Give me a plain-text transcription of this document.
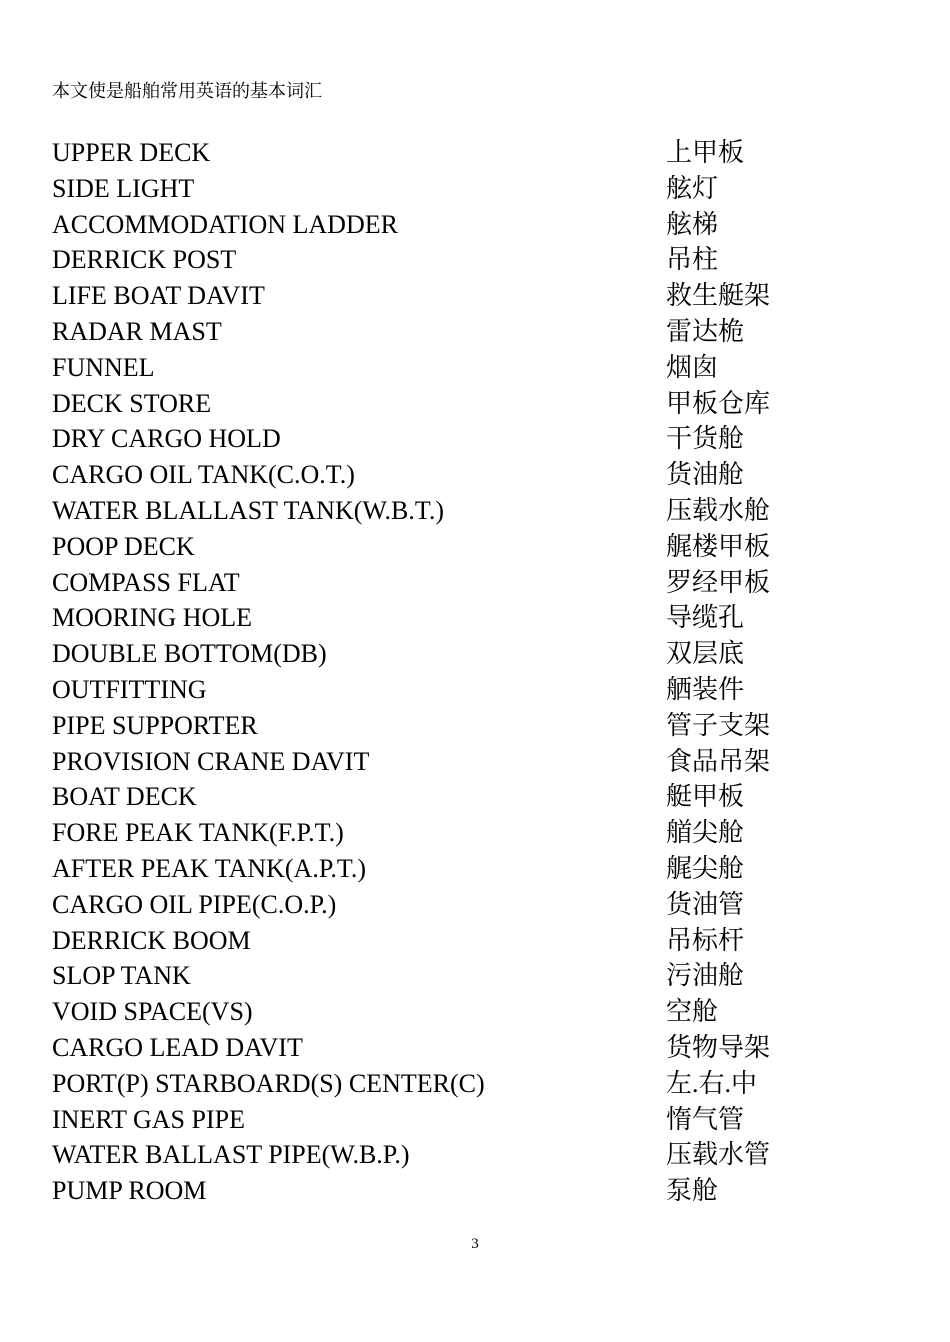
本文使是船舶常用英语的基本词汇
UPPER DECK	上甲板
SIDE LIGHT	舷灯
ACCOMMODATION LADDER	舷梯
DERRICK POST	吊柱
LIFE BOAT DAVIT	救生艇架
RADAR MAST	雷达桅
FUNNEL	烟囱
DECK STORE	甲板仓库
DRY CARGO HOLD	干货舱
CARGO OIL TANK(C.O.T.)	货油舱
WATER BLALLAST TANK(W.B.T.)	压载水舱
POOP DECK	艉楼甲板
COMPASS FLAT	罗经甲板
MOORING HOLE	导缆孔
DOUBLE BOTTOM(DB)	双层底
OUTFITTING	舾装件
PIPE SUPPORTER	管子支架
PROVISION CRANE DAVIT	食品吊架
BOAT DECK	艇甲板
FORE PEAK TANK(F.P.T.)	艏尖舱
AFTER PEAK TANK(A.P.T.)	艉尖舱
CARGO OIL PIPE(C.O.P.)	货油管
DERRICK BOOM	吊标杆
SLOP TANK	污油舱
VOID SPACE(VS)	空舱
CARGO LEAD DAVIT	货物导架
PORT(P) STARBOARD(S) CENTER(C)	左.右.中
INERT GAS PIPE	惰气管
WATER BALLAST PIPE(W.B.P.)	压载水管
PUMP ROOM	泵舱
3
